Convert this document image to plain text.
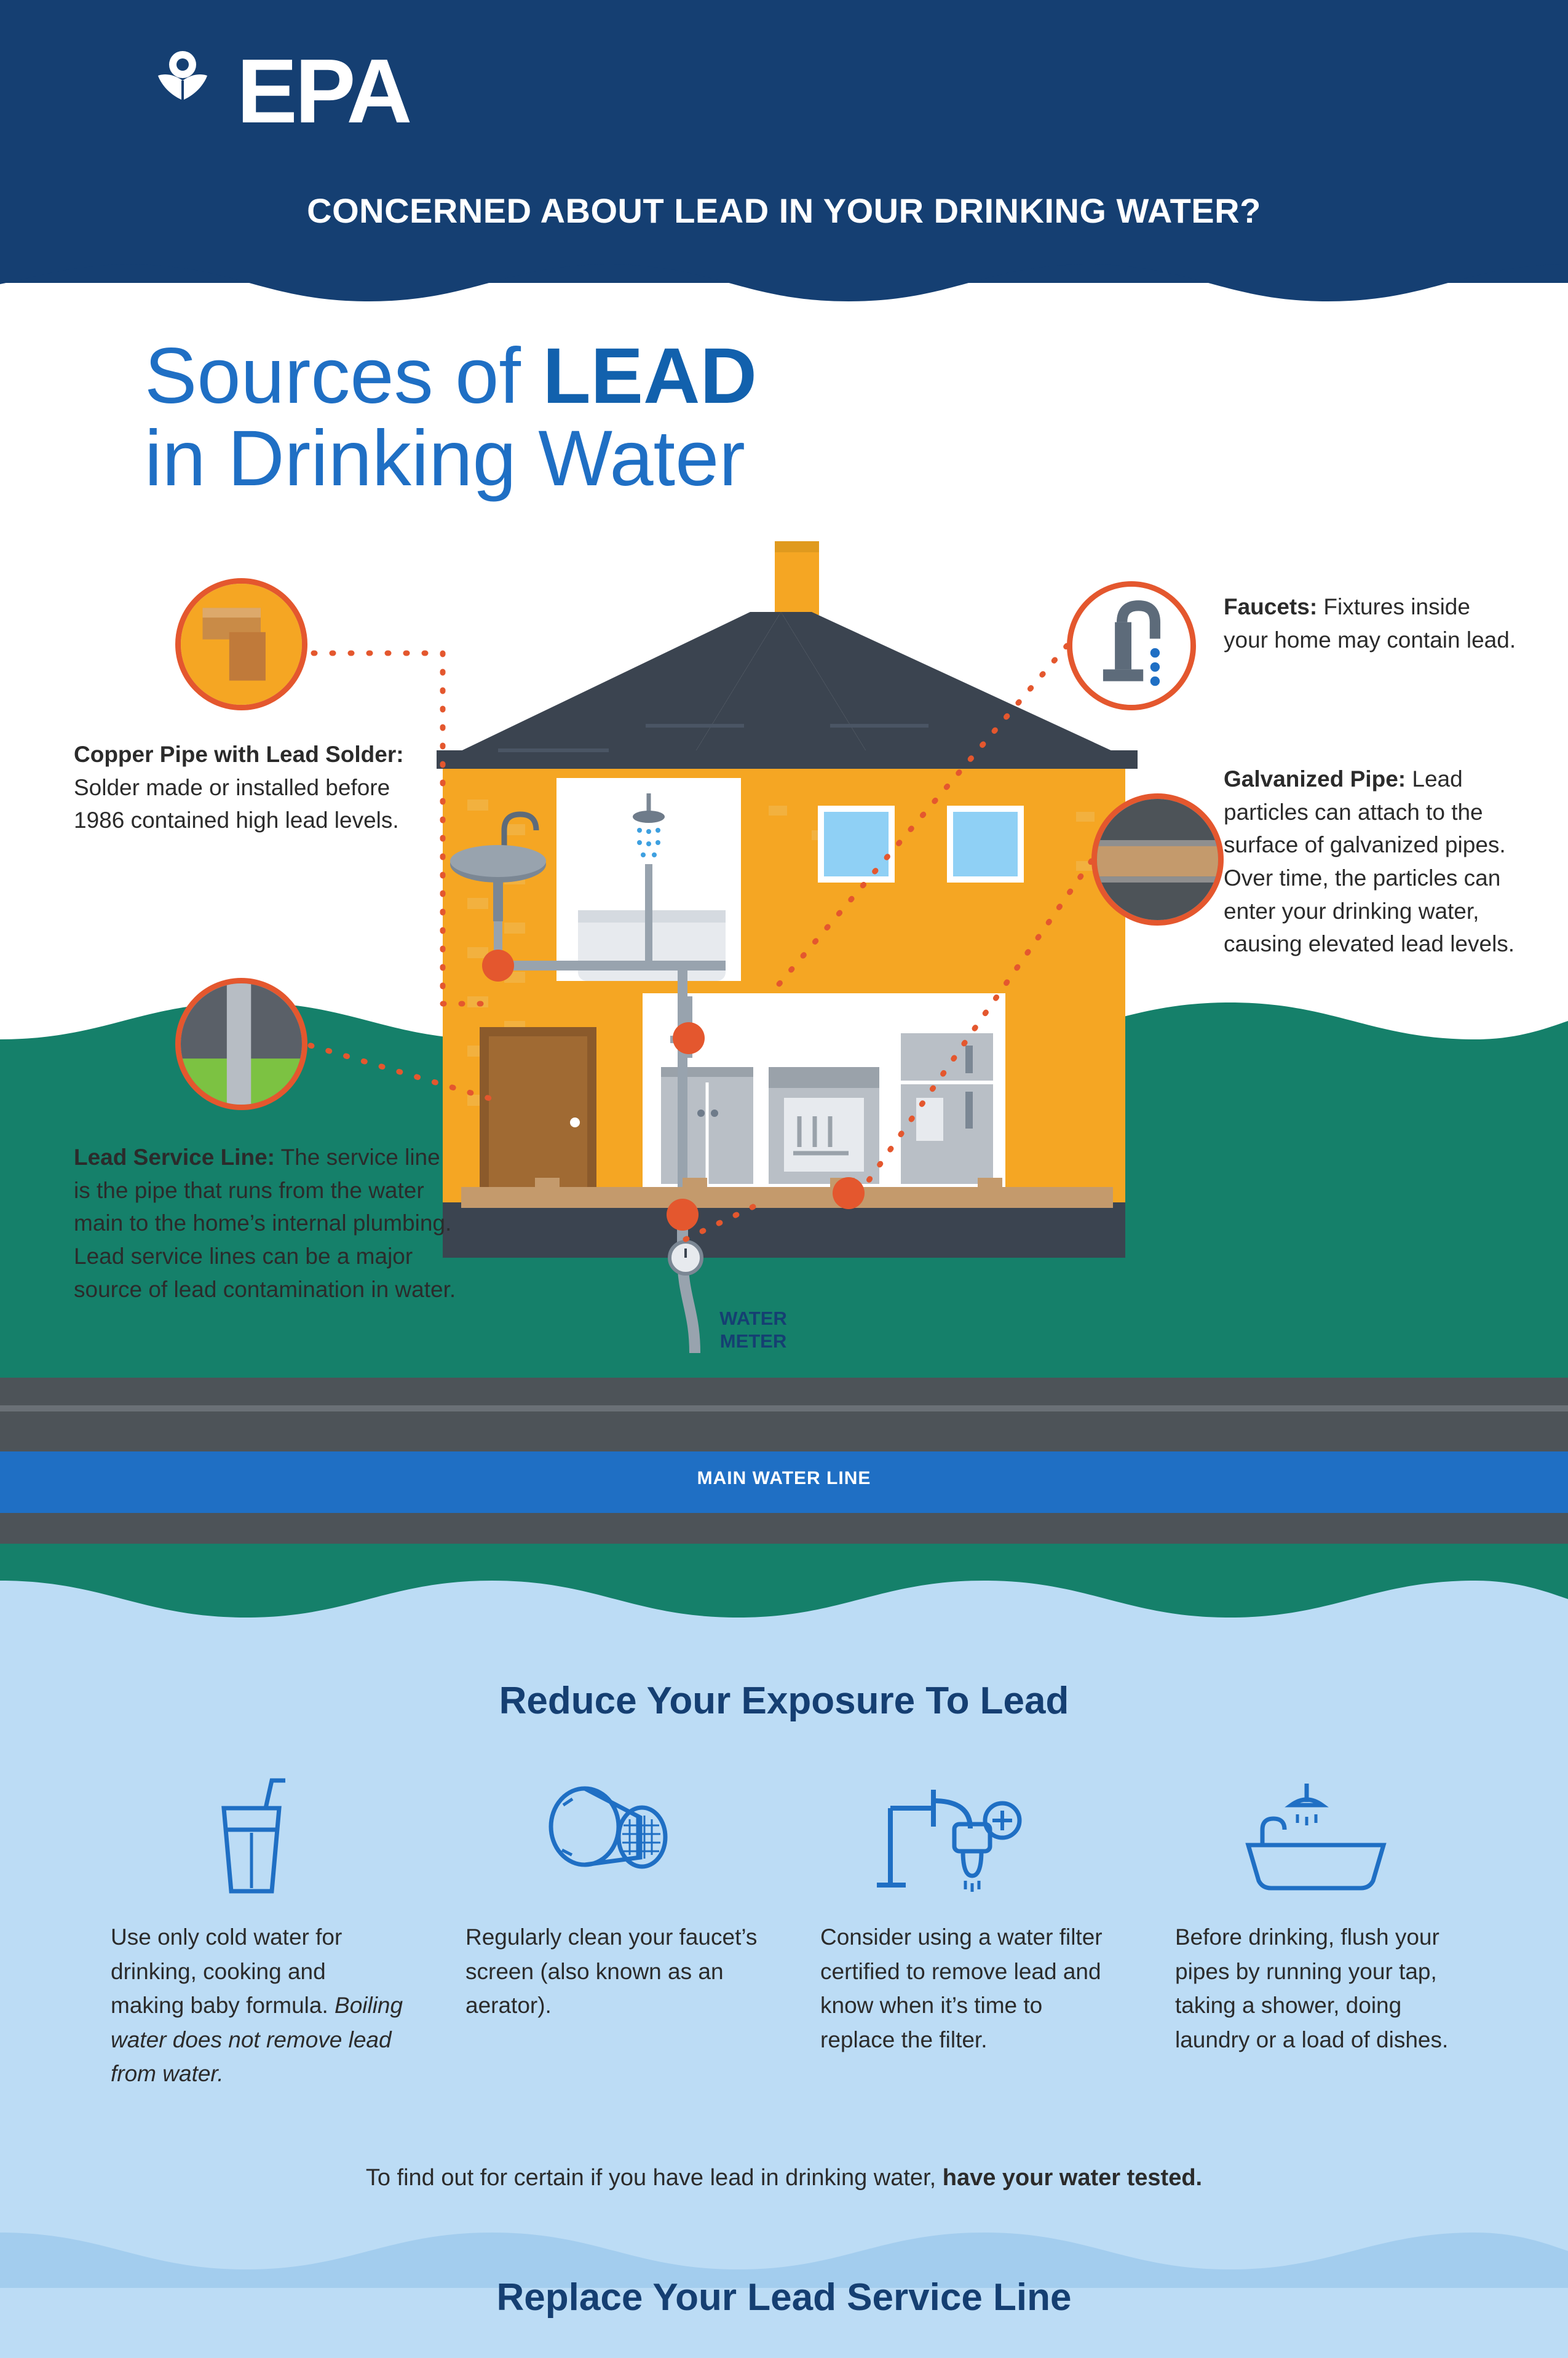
EPA
CONCERNED ABOUT LEAD IN YOUR DRINKING WATER?
Sources of LEAD
in Drinking Water
MAIN WATER LINE
WATER
METER
Copper Pipe with Lead Solder: Solder made or installed before 1986 contained high lead levels.
Lead Service Line: The service line is the pipe that runs from the water main to the home’s internal plumbing. Lead service lines can be a major source of lead contamination in water.
Faucets: Fixtures inside your home may contain lead.
Galvanized Pipe: Lead particles can attach to the surface of galvanized pipes. Over time, the particles can enter your drinking water, causing elevated lead levels.
Reduce Your Exposure To Lead
Use only cold water for drinking, cooking and making baby formula. Boiling water does not remove lead from water.
Regularly clean your faucet’s screen (also known as an aerator).
Consider using a water filter certified to remove lead and know when it’s time to replace the filter.
Before drinking, flush your pipes by running your tap, taking a shower, doing laundry or a load of dishes.
To find out for certain if you have lead in drinking water, have your water tested.
Replace Your Lead Service Line
